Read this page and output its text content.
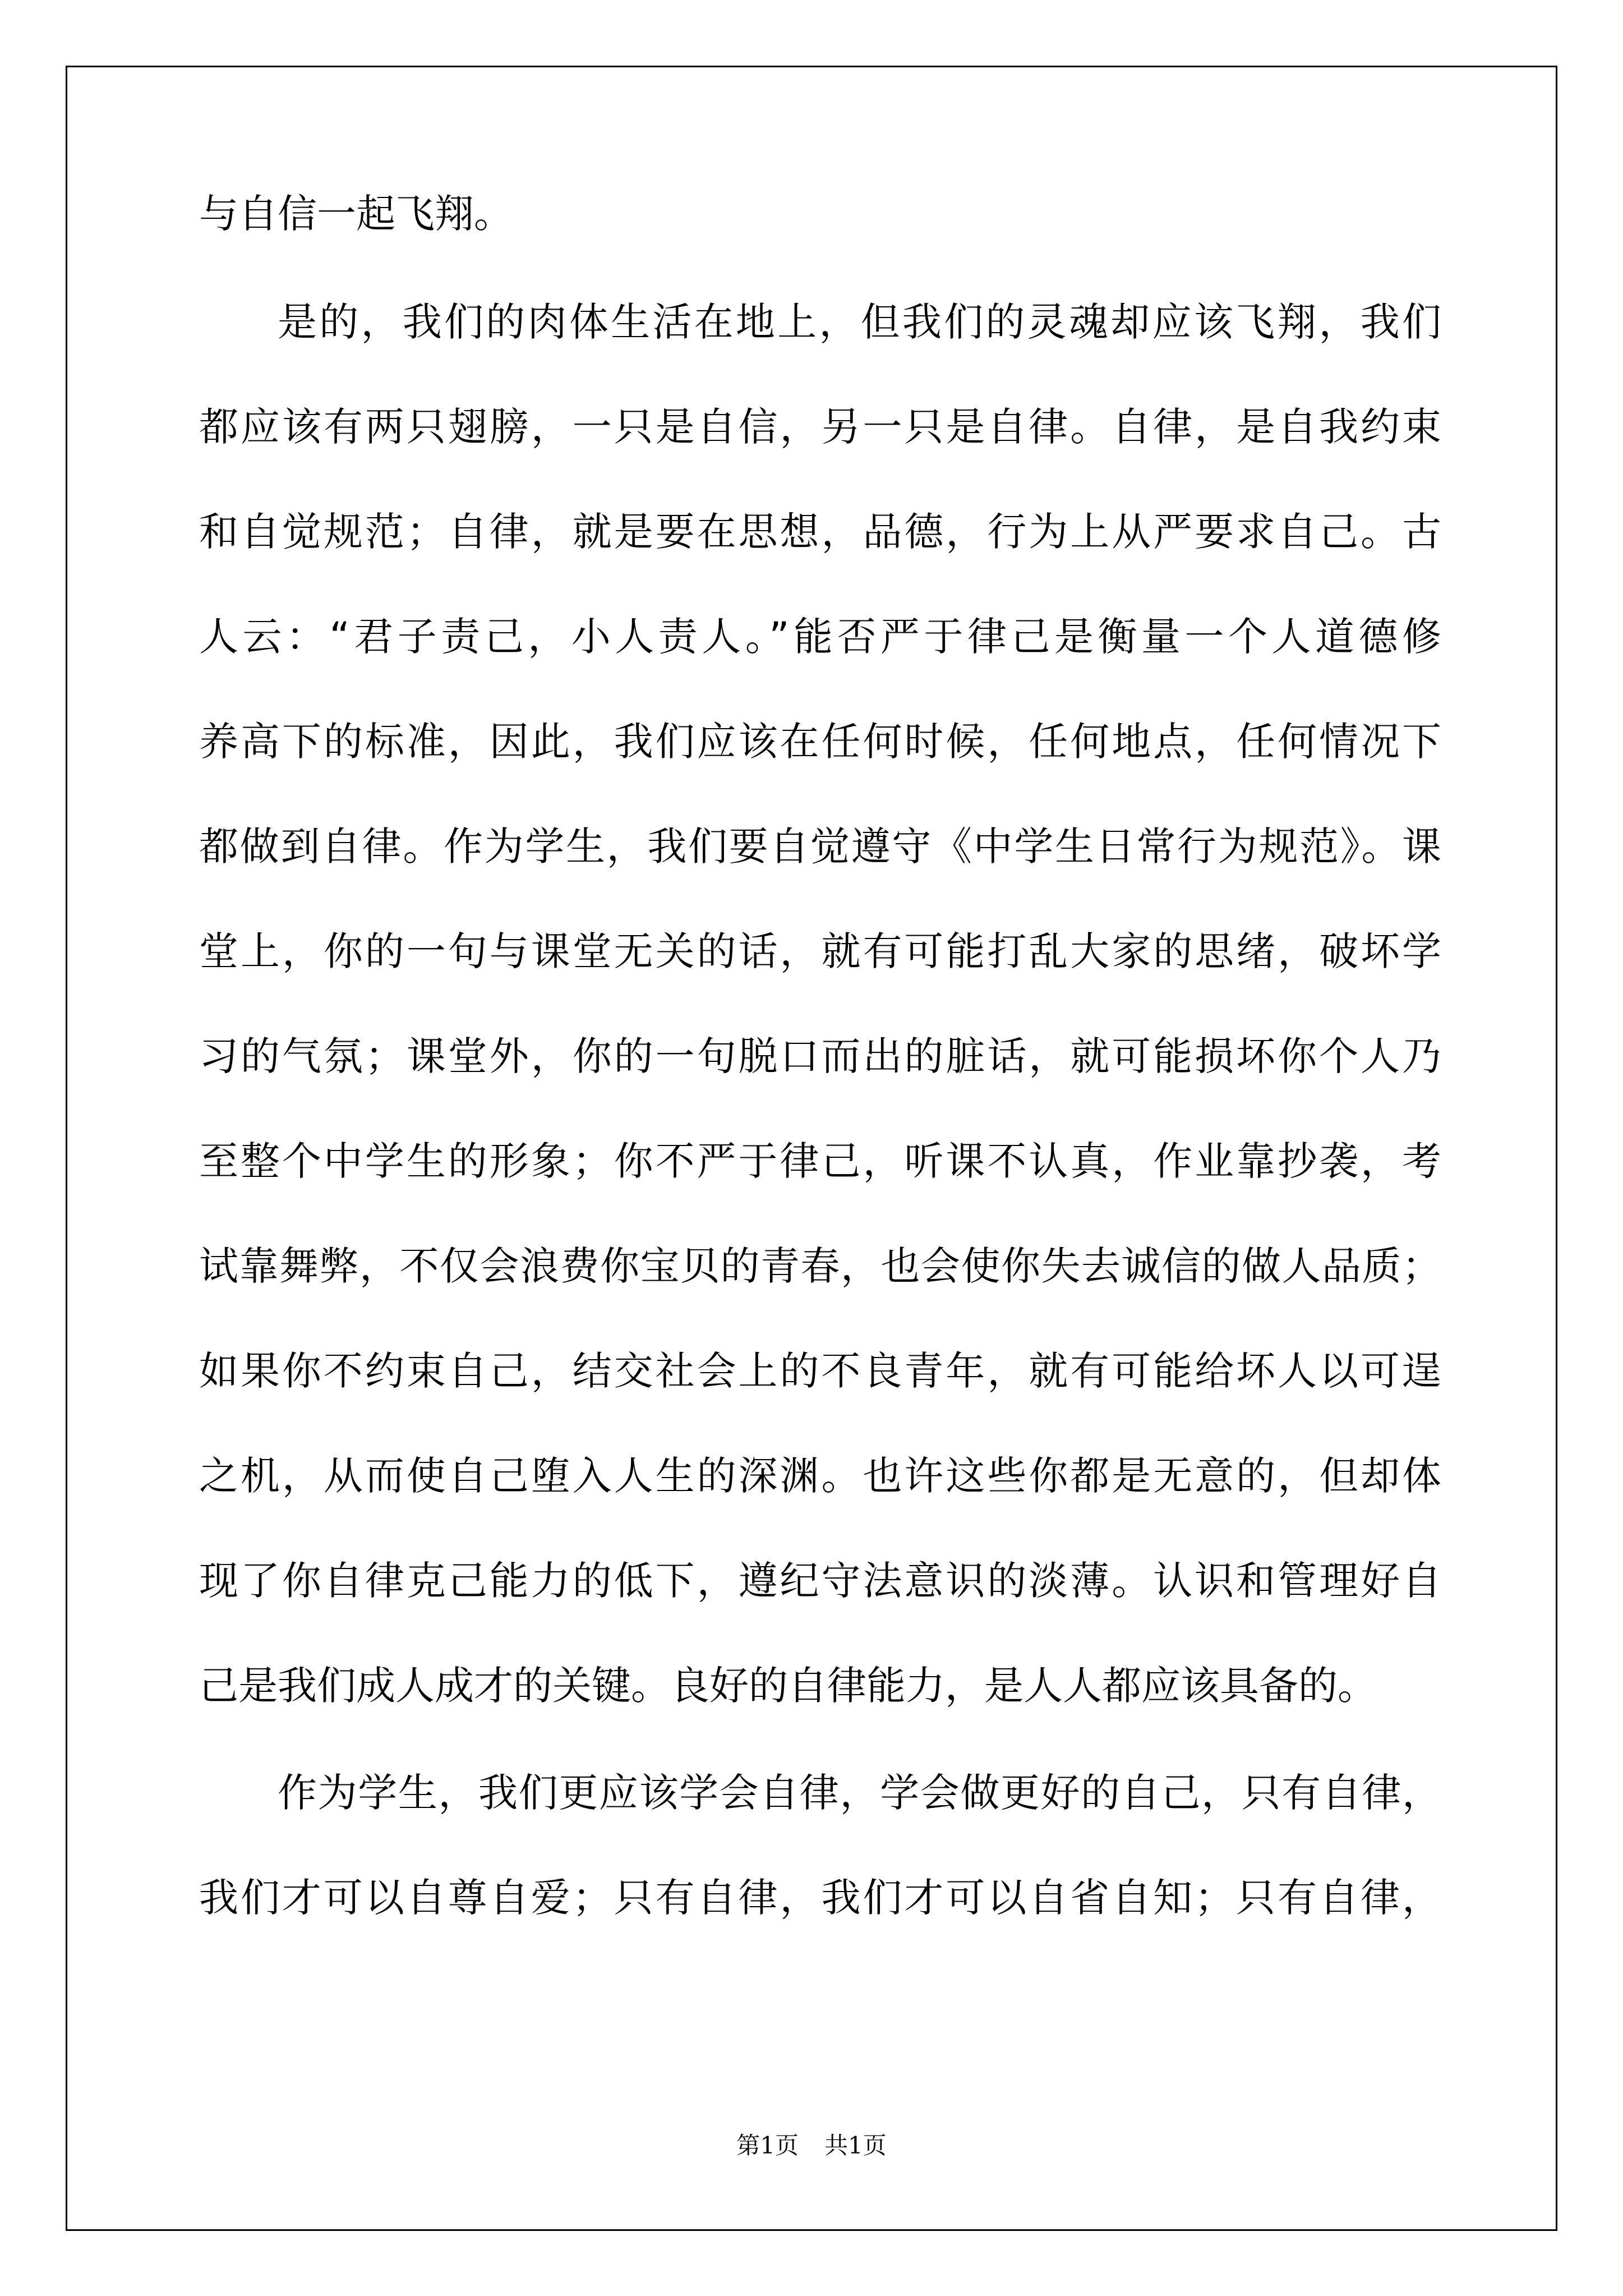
与自信一起飞翔。
是的，我们的肉体生活在地上，但我们的灵魂却应该飞翔，我们
都应该有两只翅膀，一只是自信，另一只是自律。自律，是自我约束
和自觉规范；自律，就是要在思想，品德，行为上从严要求自己。古
人云：“君子责己，小人责人。”能否严于律己是衡量一个人道德修
养高下的标准，因此，我们应该在任何时候，任何地点，任何情况下
都做到自律。作为学生，我们要自觉遵守《中学生日常行为规范》。课
堂上，你的一句与课堂无关的话，就有可能打乱大家的思绪，破坏学
习的气氛；课堂外，你的一句脱口而出的脏话，就可能损坏你个人乃
至整个中学生的形象；你不严于律己，听课不认真，作业靠抄袭，考
试靠舞弊，不仅会浪费你宝贝的青春，也会使你失去诚信的做人品质；
如果你不约束自己，结交社会上的不良青年，就有可能给坏人以可逞
之机，从而使自己堕入人生的深渊。也许这些你都是无意的，但却体
现了你自律克己能力的低下，遵纪守法意识的淡薄。认识和管理好自
己是我们成人成才的关键。良好的自律能力，是人人都应该具备的。
作为学生，我们更应该学会自律，学会做更好的自己，只有自律，
我们才可以自尊自爱；只有自律，我们才可以自省自知；只有自律，
第1页 共1页
